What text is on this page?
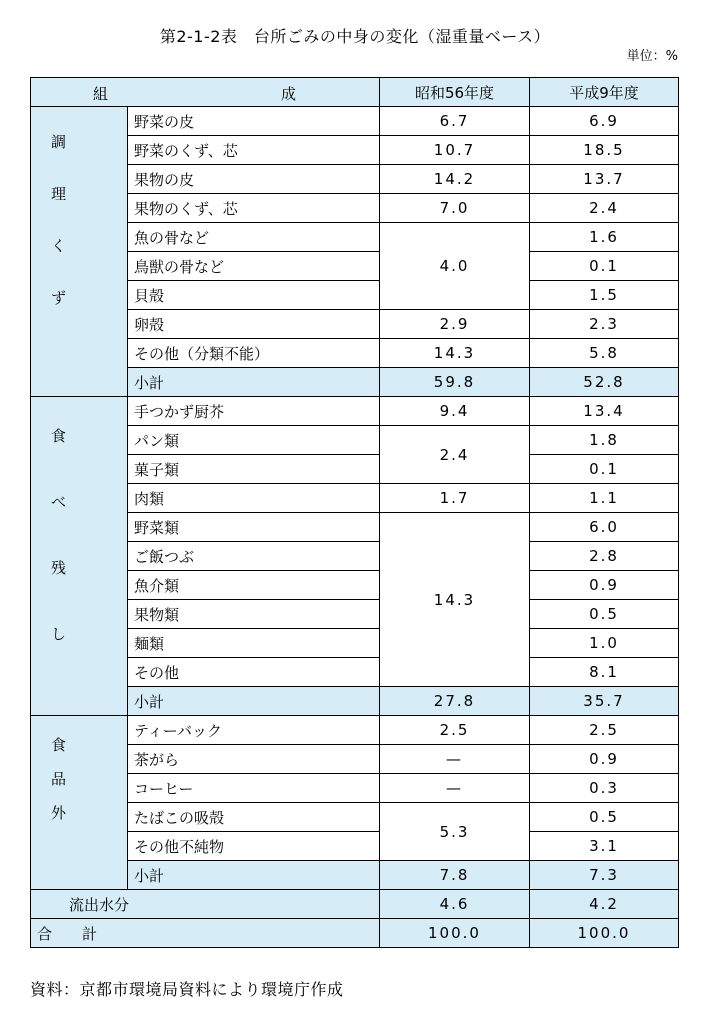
第2-1-2表　台所ごみの中身の変化（湿重量ベース）
単位：%
組 成		昭和56年度	平成9年度

調
理
く
ず	野菜の皮	6.7	6.9
	野菜のくず、芯	10.7	18.5
	果物の皮	14.2	13.7
	果物のくず、芯	7.0	2.4
	魚の骨など	4.0	1.6
	鳥獣の骨など		0.1
	貝殻		1.5
	卵殻	2.9	2.3
	その他（分類不能）	14.3	5.8
	小計	59.8	52.8

食
べ
残
し	手つかず厨芥	9.4	13.4
	パン類	2.4	1.8
	菓子類		0.1
	肉類	1.7	1.1
	野菜類	14.3	6.0
	ご飯つぶ		2.8
	魚介類		0.9
	果物類		0.5
	麺類		1.0
	その他		8.1
	小計	27.8	35.7

食
品
外	ティーバック	2.5	2.5
	茶がら	—	0.9
	コーヒー	—	0.3
	たばこの吸殻	5.3	0.5
	その他不純物		3.1
	小計	7.8	7.3
流出水分		4.6	4.2
合　　計		100.0	100.0
資料：京都市環境局資料により環境庁作成
